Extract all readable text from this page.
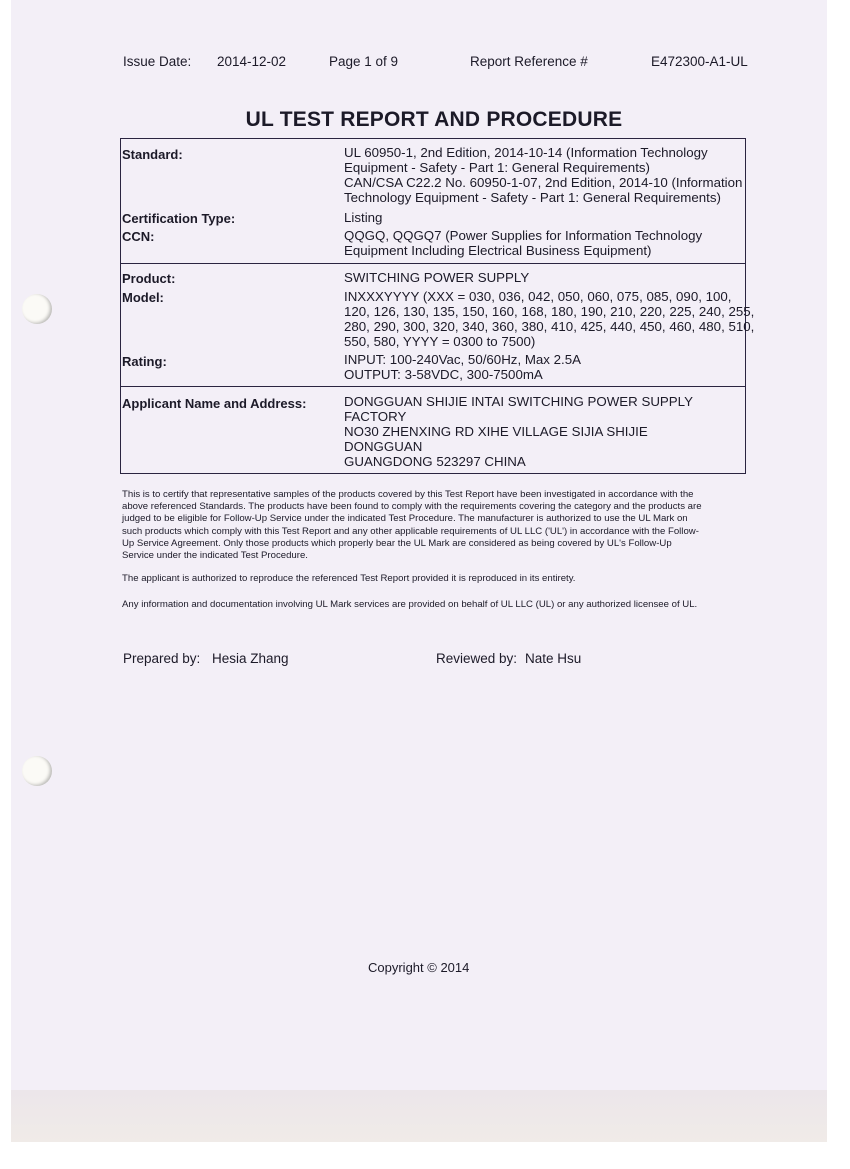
Issue Date: 2014-12-02	Page 1 of 9	Report Reference #	E472300-A1-UL
UL TEST REPORT AND PROCEDURE
Standard:	UL 60950-1, 2nd Edition, 2014-10-14 (Information Technology
Equipment - Safety - Part 1: General Requirements)
CAN/CSA C22.2 No. 60950-1-07, 2nd Edition, 2014-10 (Information
Technology Equipment - Safety - Part 1: General Requirements)
Certification Type:	Listing
CCN:	QQGQ, QQGQ7 (Power Supplies for Information Technology
Equipment Including Electrical Business Equipment)
Product:	SWITCHING POWER SUPPLY
Model:	INXXXYYYY (XXX = 030, 036, 042, 050, 060, 075, 085, 090, 100,
120, 126, 130, 135, 150, 160, 168, 180, 190, 210, 220, 225, 240, 255,
280, 290, 300, 320, 340, 360, 380, 410, 425, 440, 450, 460, 480, 510,
550, 580, YYYY = 0300 to 7500)
Rating:	INPUT: 100-240Vac, 50/60Hz, Max 2.5A
OUTPUT: 3-58VDC, 300-7500mA
Applicant Name and Address:	DONGGUAN SHIJIE INTAI SWITCHING POWER SUPPLY
FACTORY
NO30 ZHENXING RD XIHE VILLAGE SIJIA SHIJIE
DONGGUAN
GUANGDONG 523297 CHINA
This is to certify that representative samples of the products covered by this Test Report have been investigated in accordance with the
above referenced Standards. The products have been found to comply with the requirements covering the category and the products are
judged to be eligible for Follow-Up Service under the indicated Test Procedure. The manufacturer is authorized to use the UL Mark on
such products which comply with this Test Report and any other applicable requirements of UL LLC ('UL') in accordance with the Follow-
Up Service Agreement. Only those products which properly bear the UL Mark are considered as being covered by UL's Follow-Up
Service under the indicated Test Procedure.
The applicant is authorized to reproduce the referenced Test Report provided it is reproduced in its entirety.
Any information and documentation involving UL Mark services are provided on behalf of UL LLC (UL) or any authorized licensee of UL.
Prepared by: Hesia Zhang	Reviewed by: Nate Hsu
Copyright © 2014
